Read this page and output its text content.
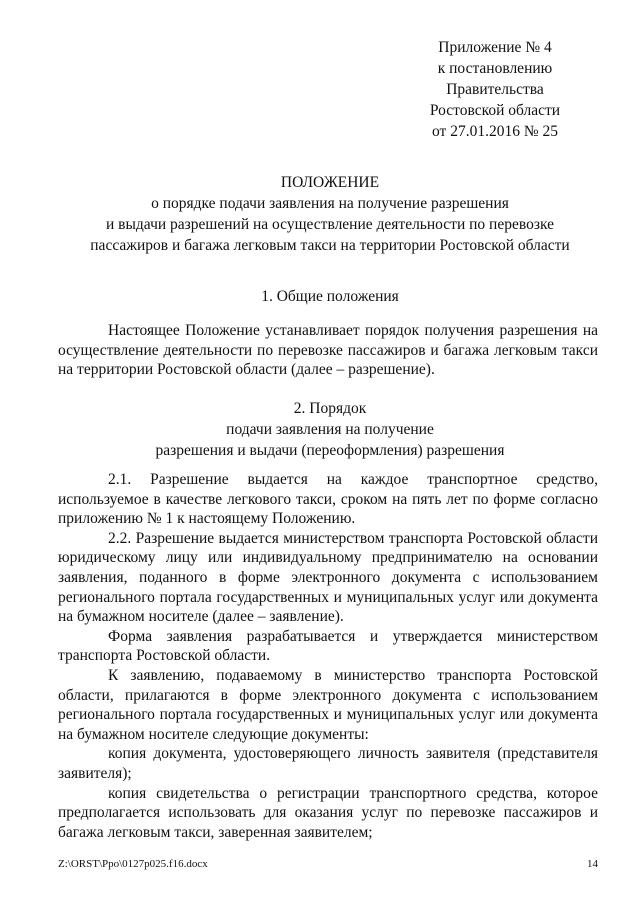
Приложение № 4
к постановлению
Правительства
Ростовской области
от 27.01.2016 № 25
ПОЛОЖЕНИЕ
о порядке подачи заявления на получение разрешения
и выдачи разрешений на осуществление деятельности по перевозке
пассажиров и багажа легковым такси на территории Ростовской области
1. Общие положения

Настоящее Положение устанавливает порядок получения разрешения на осуществление деятельности по перевозке пассажиров и багажа легковым такси на территории Ростовской области (далее – разрешение).

2. Порядок
подачи заявления на получение
разрешения и выдачи (переоформления) разрешения

2.1. Разрешение выдается на каждое транспортное средство, используемое в качестве легкового такси, сроком на пять лет по форме согласно приложению № 1 к настоящему Положению.

2.2. Разрешение выдается министерством транспорта Ростовской области юридическому лицу или индивидуальному предпринимателю на основании заявления, поданного в форме электронного документа с использованием регионального портала государственных и муниципальных услуг или документа на бумажном носителе (далее – заявление).

Форма заявления разрабатывается и утверждается министерством транспорта Ростовской области.

К заявлению, подаваемому в министерство транспорта Ростовской области, прилагаются в форме электронного документа с использованием регионального портала государственных и муниципальных услуг или документа на бумажном носителе следующие документы:

копия документа, удостоверяющего личность заявителя (представителя заявителя);

копия свидетельства о регистрации транспортного средства, которое предполагается использовать для оказания услуг по перевозке пассажиров и багажа легковым такси, заверенная заявителем;

Z:\ORST\Ppo\0127p025.f16.docx	14
